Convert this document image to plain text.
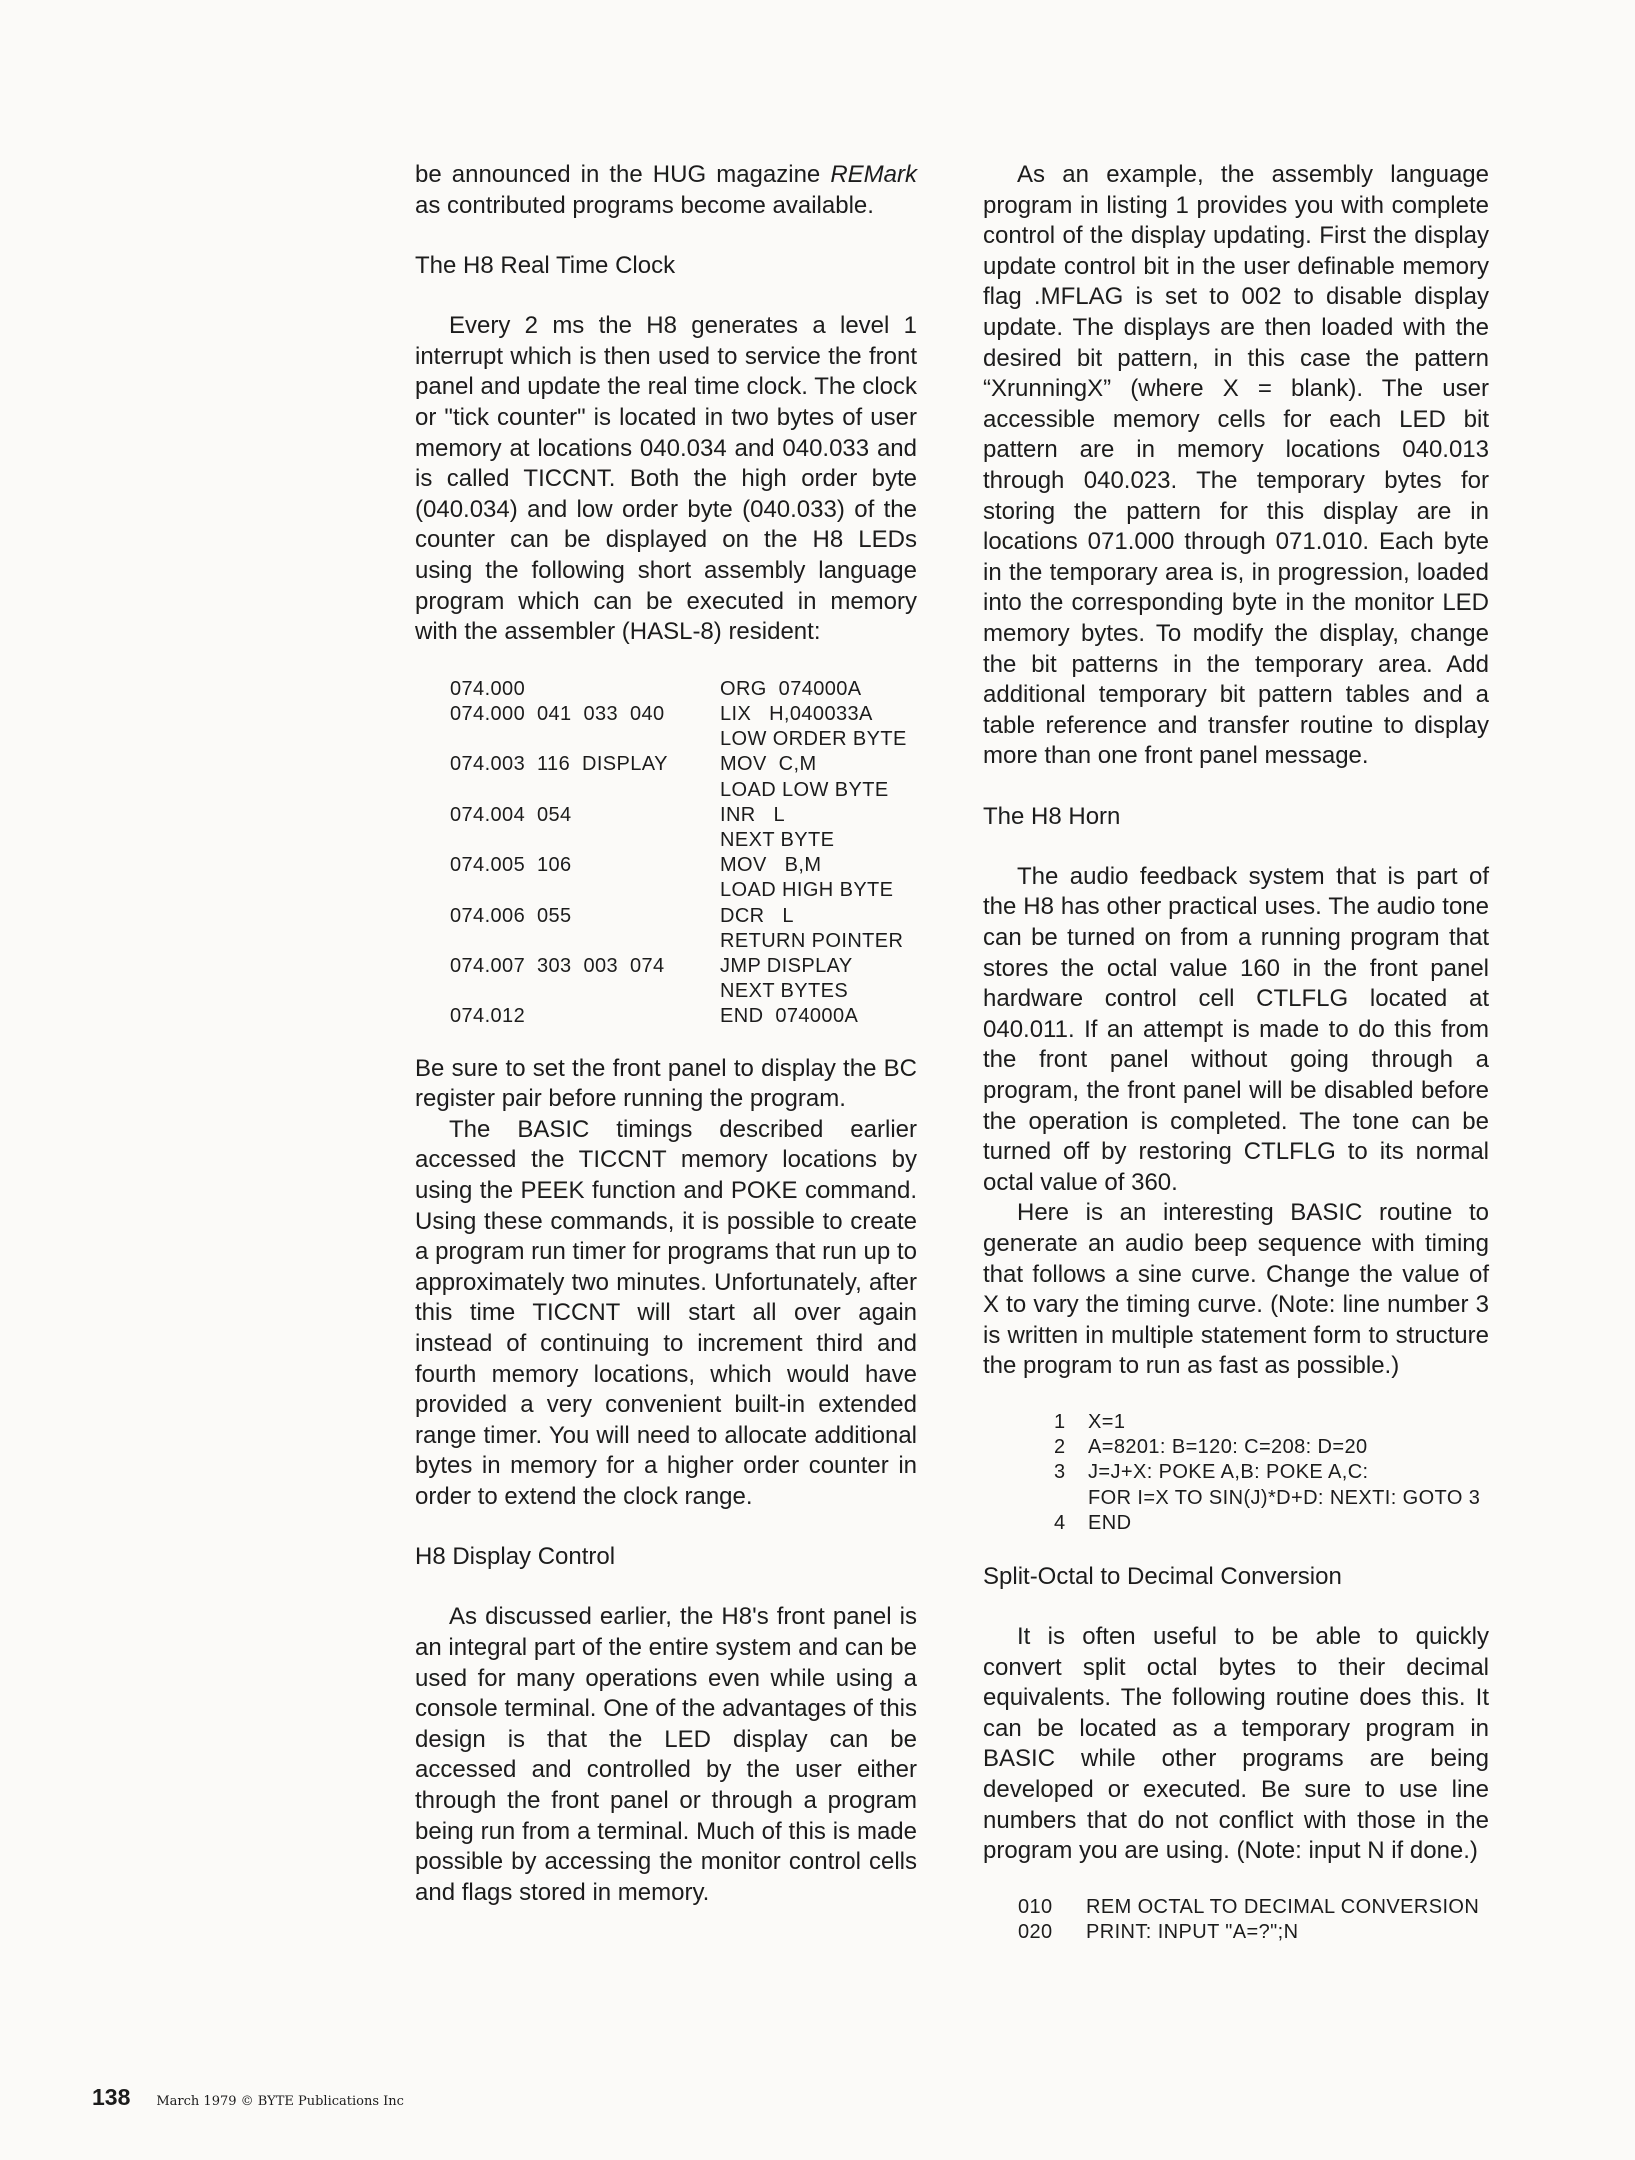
be announced in the HUG magazine REMark as contributed programs become available.

The H8 Real Time Clock

Every 2 ms the H8 generates a level 1 interrupt which is then used to service the front panel and update the real time clock. The clock or "tick counter" is located in two bytes of user memory at locations 040.034 and 040.033 and is called TICCNT. Both the high order byte (040.034) and low order byte (040.033) of the counter can be displayed on the H8 LEDs using the following short assembly language program which can be executed in memory with the assembler (HASL-8) resident:

074.000	ORG  074000A
074.000  041  033  040	LIX   H,040033A
LOW ORDER BYTE
074.003  116  DISPLAY	MOV  C,M
LOAD LOW BYTE
074.004  054	INR   L
NEXT BYTE
074.005  106	MOV   B,M
LOAD HIGH BYTE
074.006  055	DCR   L
RETURN POINTER
074.007  303  003  074	JMP DISPLAY
NEXT BYTES
074.012	END  074000A

Be sure to set the front panel to display the BC register pair before running the program.

The BASIC timings described earlier accessed the TICCNT memory locations by using the PEEK function and POKE command. Using these commands, it is possible to create a program run timer for programs that run up to approximately two minutes. Unfortunately, after this time TICCNT will start all over again instead of continuing to increment third and fourth memory locations, which would have provided a very convenient built-in extended range timer. You will need to allocate additional bytes in memory for a higher order counter in order to extend the clock range.

H8 Display Control

As discussed earlier, the H8's front panel is an integral part of the entire system and can be used for many operations even while using a console terminal. One of the advantages of this design is that the LED display can be accessed and controlled by the user either through the front panel or through a program being run from a terminal. Much of this is made possible by accessing the monitor control cells and flags stored in memory.

As an example, the assembly language program in listing 1 provides you with complete control of the display updating. First the display update control bit in the user definable memory flag .MFLAG is set to 002 to disable display update. The displays are then loaded with the desired bit pattern, in this case the pattern “XrunningX” (where X = blank). The user accessible memory cells for each LED bit pattern are in memory locations 040.013 through 040.023. The temporary bytes for storing the pattern for this display are in locations 071.000 through 071.010. Each byte in the temporary area is, in progression, loaded into the corresponding byte in the monitor LED memory bytes. To modify the display, change the bit patterns in the temporary area. Add additional temporary bit pattern tables and a table reference and transfer routine to display more than one front panel message.

The H8 Horn

The audio feedback system that is part of the H8 has other practical uses. The audio tone can be turned on from a running program that stores the octal value 160 in the front panel hardware control cell CTLFLG located at 040.011. If an attempt is made to do this from the front panel without going through a program, the front panel will be disabled before the operation is completed. The tone can be turned off by restoring CTLFLG to its normal octal value of 360.

Here is an interesting BASIC routine to generate an audio beep sequence with timing that follows a sine curve. Change the value of X to vary the timing curve. (Note: line number 3 is written in multiple statement form to structure the program to run as fast as possible.)

1 X=1
2 A=8201: B=120: C=208: D=20
3 J=J+X: POKE A,B: POKE A,C:
FOR I=X TO SIN(J)*D+D: NEXTI: GOTO 3
4 END
Split-Octal to Decimal Conversion

It is often useful to be able to quickly convert split octal bytes to their decimal equivalents. The following routine does this. It can be located as a temporary program in BASIC while other programs are being developed or executed. Be sure to use line numbers that do not conflict with those in the program you are using. (Note: input N if done.)

010 REM OCTAL TO DECIMAL CONVERSION
020 PRINT: INPUT "A=?";N
138 March 1979 © BYTE Publications Inc
